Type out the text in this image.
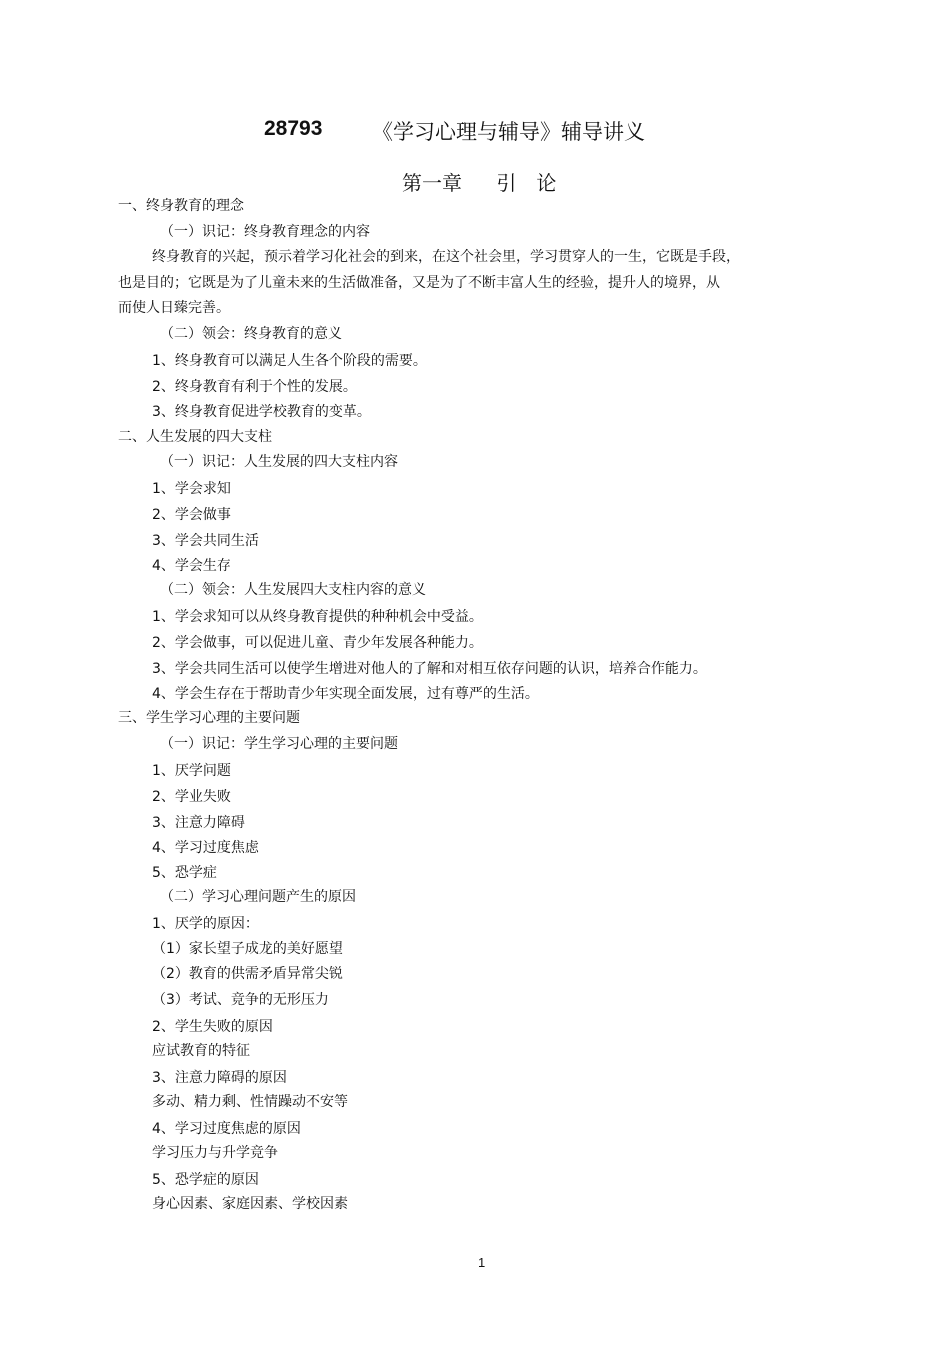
28793 《学习心理与辅导》辅导讲义
第一章　 引　论
一、终身教育的理念
（一）识记：终身教育理念的内容
终身教育的兴起，预示着学习化社会的到来，在这个社会里，学习贯穿人的一生，它既是手段，
也是目的；它既是为了儿童未来的生活做准备，又是为了不断丰富人生的经验，提升人的境界，从
而使人日臻完善。
（二）领会：终身教育的意义
1、终身教育可以满足人生各个阶段的需要。
2、终身教育有利于个性的发展。
3、终身教育促进学校教育的变革。
二、人生发展的四大支柱
（一）识记：人生发展的四大支柱内容
1、学会求知
2、学会做事
3、学会共同生活
4、学会生存
（二）领会：人生发展四大支柱内容的意义
1、学会求知可以从终身教育提供的种种机会中受益。
2、学会做事，可以促进儿童、青少年发展各种能力。
3、学会共同生活可以使学生增进对他人的了解和对相互依存问题的认识，培养合作能力。
4、学会生存在于帮助青少年实现全面发展，过有尊严的生活。
三、学生学习心理的主要问题
（一）识记：学生学习心理的主要问题
1、厌学问题
2、学业失败
3、注意力障碍
4、学习过度焦虑
5、恐学症
（二）学习心理问题产生的原因
1、厌学的原因：
（1）家长望子成龙的美好愿望
（2）教育的供需矛盾异常尖锐
（3）考试、竞争的无形压力
2、学生失败的原因
应试教育的特征
3、注意力障碍的原因
多动、精力剩、性情躁动不安等
4、学习过度焦虑的原因
学习压力与升学竞争
5、恐学症的原因
身心因素、家庭因素、学校因素
1
